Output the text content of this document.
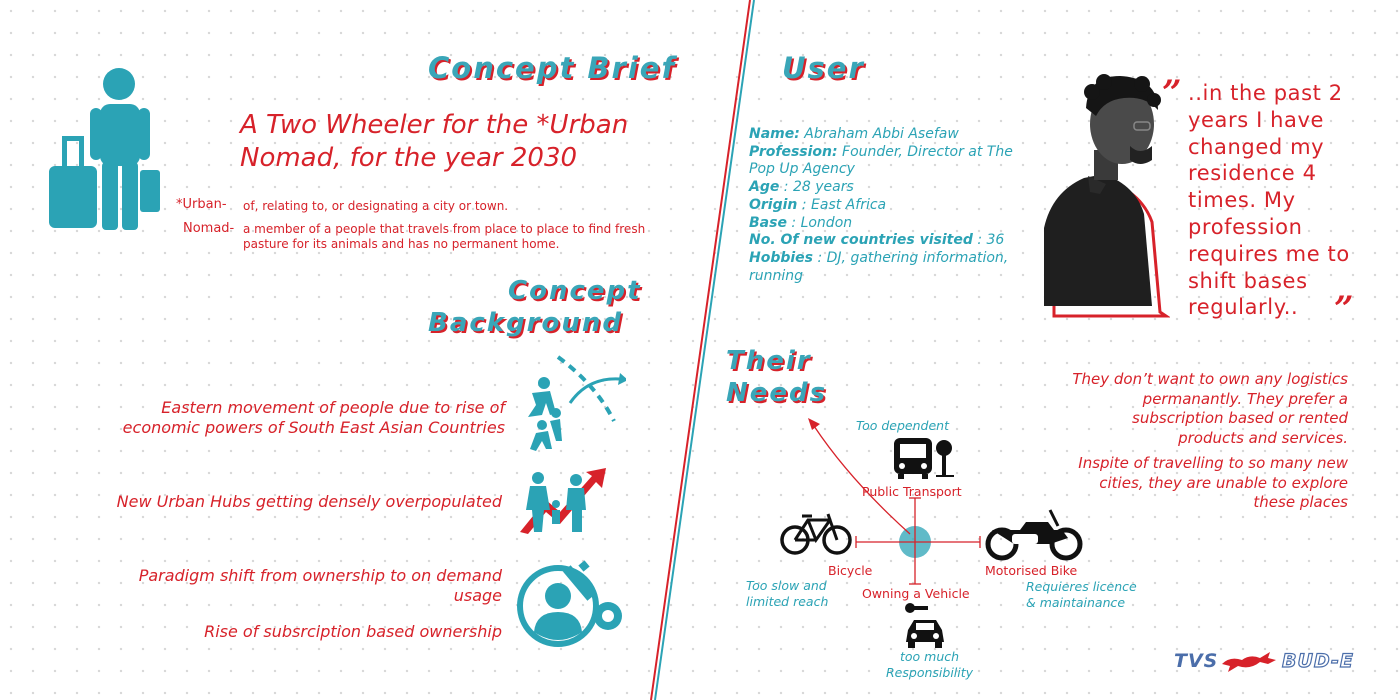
Concept Brief
A Two Wheeler for the *Urban
Nomad, for the year 2030
*Urban- of, relating to, or designating a city or town.
Nomad- a member of a people that travels from place to place to find fresh
pasture for its animals and has no permanent home.
Concept
Background
Eastern movement of people due to rise of
economic powers of South East Asian Countries
New Urban Hubs getting densely overpopulated
Paradigm shift from ownership to on demand
usage
Rise of subsrciption based ownership
User
Name: Abraham Abbi Asefaw
Profession: Founder, Director at The
Pop Up Agency
Age : 28 years
Origin : East Africa
Base : London
No. Of new countries visited : 36
Hobbies : DJ, gathering information,
running
” ..in the past 2
years I have
changed my
residence 4
times. My
profession
requires me to
shift bases
regularly..	”
Their
Needs
Too dependent
Public Transport
Bicycle
Too slow and
limited reach
Motorised Bike
Requieres licence
& maintainance
Owning a Vehicle
too much
Responsibility
They don’t want to own any logistics
permanantly. They prefer a
subscription based or rented
products and services.
Inspite of travelling to so many new
cities, they are unable to explore
these places
TVS	BUD-E
